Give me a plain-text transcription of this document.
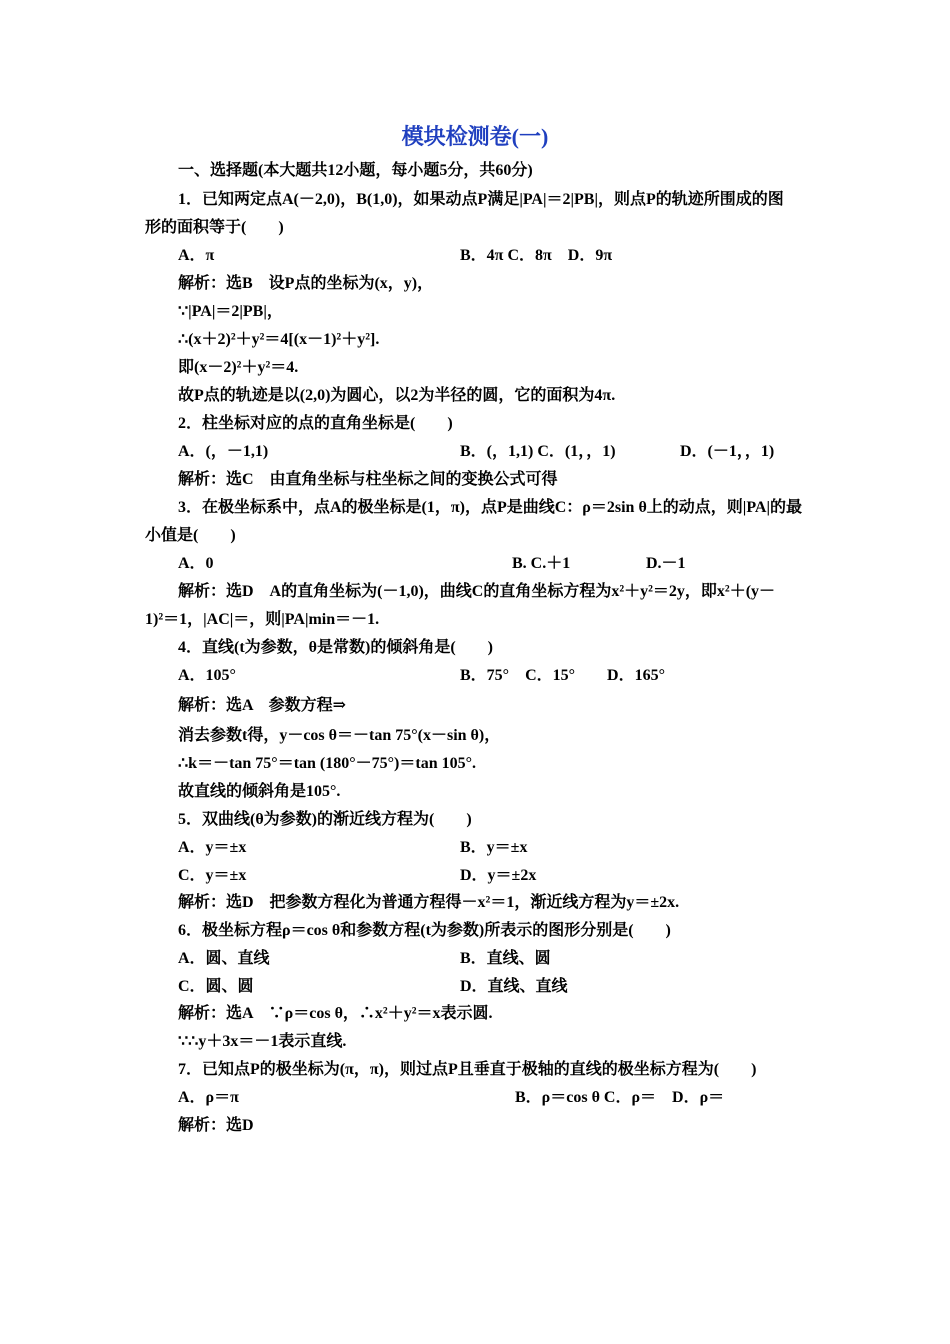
模块检测卷(一)
一、选择题(本大题共12小题，每小题5分，共60分)
1．已知两定点A(－2,0)，B(1,0)，如果动点P满足|PA|＝2|PB|，则点P的轨迹所围成的图
形的面积等于(　　)
A．π	B．4π C．8π　D．9π
解析：选B　设P点的坐标为(x，y)，
∵|PA|＝2|PB|，
∴(x＋2)²＋y²＝4[(x－1)²＋y²].
即(x－2)²＋y²＝4.
故P点的轨迹是以(2,0)为圆心，以2为半径的圆，它的面积为4π.
2．柱坐标对应的点的直角坐标是(　　)
A．(，－1,1)	B．(，1,1) C．(1，，1)	D．(－1，，1)
解析：选C　由直角坐标与柱坐标之间的变换公式可得
3．在极坐标系中，点A的极坐标是(1，π)，点P是曲线C：ρ＝2sin θ上的动点，则|PA|的最
小值是(　　)
A．0	B. C.＋1	D.－1
解析：选D　A的直角坐标为(－1,0)，曲线C的直角坐标方程为x²＋y²＝2y，即x²＋(y－
1)²＝1，|AC|＝，则|PA|min＝－1.
4．直线(t为参数，θ是常数)的倾斜角是(　　)
A．105°	B．75°　C．15°　　D．165°
解析：选A　参数方程⇒
消去参数t得，y－cos θ＝－tan 75°(x－sin θ)，
∴k＝－tan 75°＝tan (180°－75°)＝tan 105°.
故直线的倾斜角是105°.
5．双曲线(θ为参数)的渐近线方程为(　　)
A．y＝±x	B．y＝±x
C．y＝±x	D．y＝±2x
解析：选D　把参数方程化为普通方程得－x²＝1，渐近线方程为y＝±2x.
6．极坐标方程ρ＝cos θ和参数方程(t为参数)所表示的图形分别是(　　)
A．圆、直线	B．直线、圆
C．圆、圆	D．直线、直线
解析：选A　∵ρ＝cos θ，∴x²＋y²＝x表示圆.
∵∴y＋3x＝－1表示直线.
7．已知点P的极坐标为(π，π)，则过点P且垂直于极轴的直线的极坐标方程为(　　)
A．ρ＝π	B．ρ＝cos θ C．ρ＝　D．ρ＝
解析：选D
